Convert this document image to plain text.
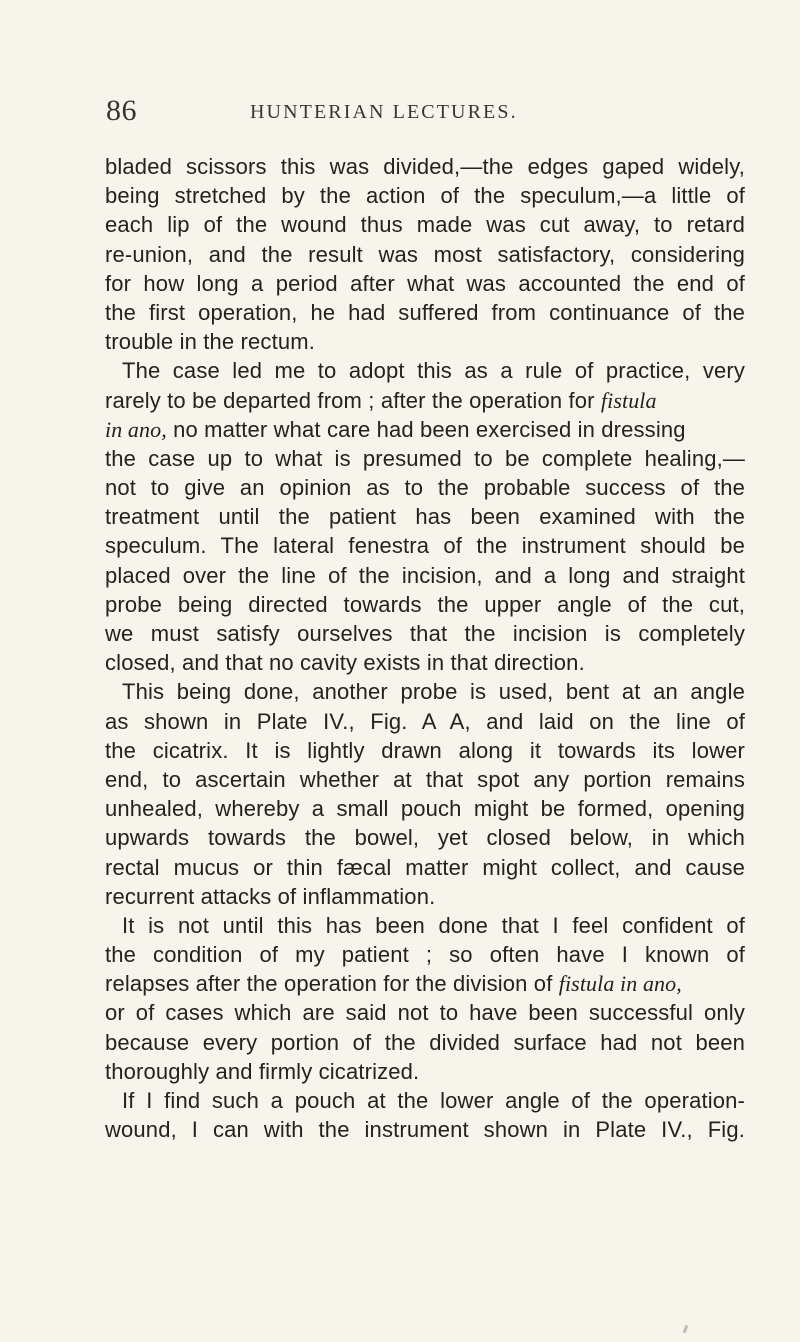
86	HUNTERIAN LECTURES.
bladed scissors this was divided,—the edges gaped widely,
being stretched by the action of the speculum,—a little of
each lip of the wound thus made was cut away, to retard
re-union, and the result was most satisfactory, considering
for how long a period after what was accounted the end of
the first operation, he had suffered from continuance of the
trouble in the rectum.
The case led me to adopt this as a rule of practice, very
rarely to be departed from ; after the operation for fistula
in ano, no matter what care had been exercised in dressing
the case up to what is presumed to be complete healing,—
not to give an opinion as to the probable success of the
treatment until the patient has been examined with the
speculum. The lateral fenestra of the instrument should be
placed over the line of the incision, and a long and straight
probe being directed towards the upper angle of the cut,
we must satisfy ourselves that the incision is completely
closed, and that no cavity exists in that direction.
This being done, another probe is used, bent at an angle
as shown in Plate IV., Fig. A A, and laid on the line of
the cicatrix. It is lightly drawn along it towards its lower
end, to ascertain whether at that spot any portion remains
unhealed, whereby a small pouch might be formed, opening
upwards towards the bowel, yet closed below, in which
rectal mucus or thin fæcal matter might collect, and cause
recurrent attacks of inflammation.
It is not until this has been done that I feel confident of
the condition of my patient ; so often have I known of
relapses after the operation for the division of fistula in ano,
or of cases which are said not to have been successful only
because every portion of the divided surface had not been
thoroughly and firmly cicatrized.
If I find such a pouch at the lower angle of the operation-
wound, I can with the instrument shown in Plate IV., Fig.
